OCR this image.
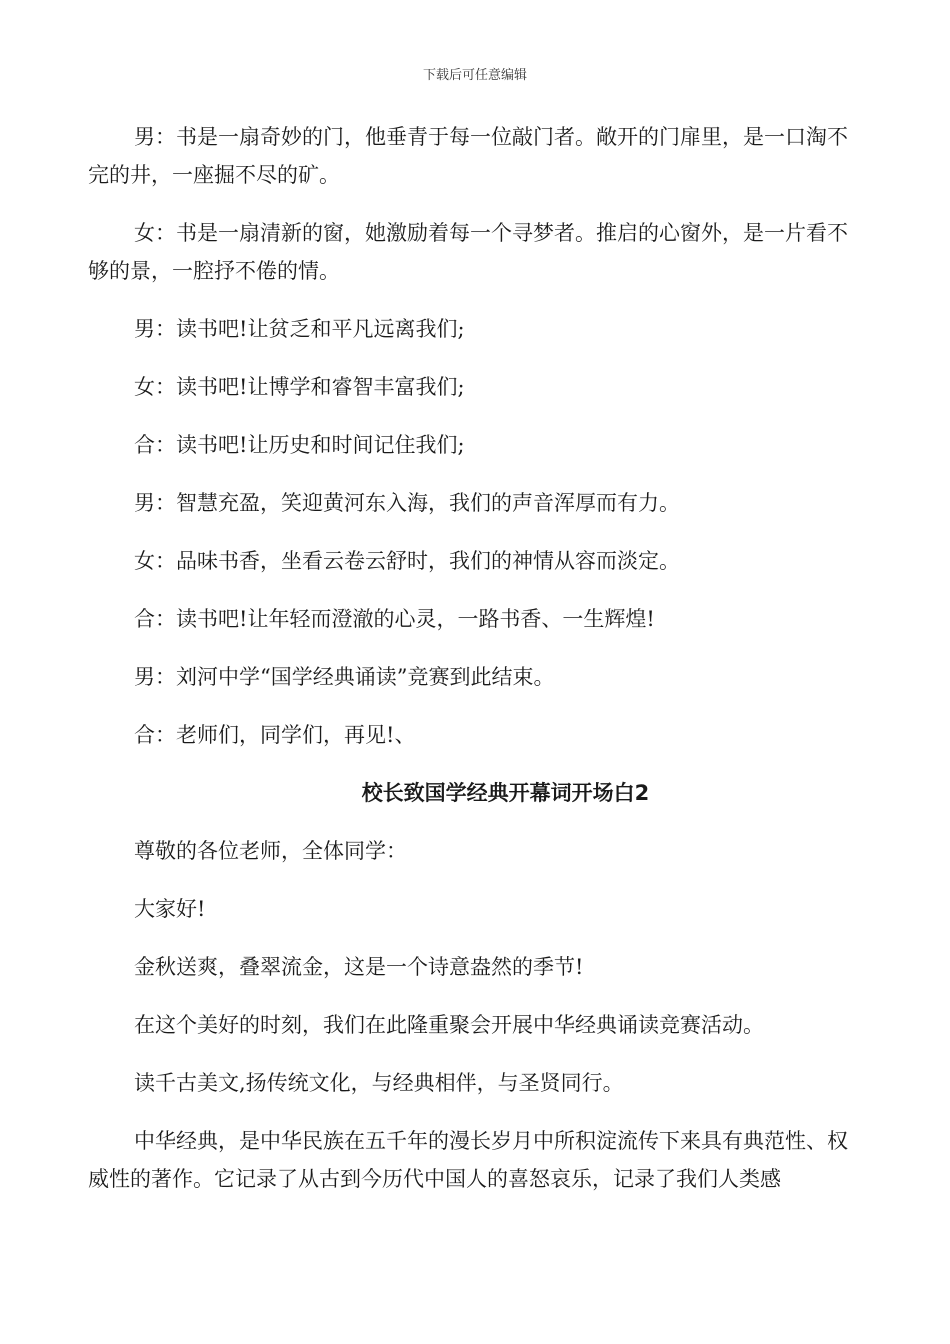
下载后可任意编辑

男：书是一扇奇妙的门，他垂青于每一位敲门者。敞开的门扉里，是一口淘不完的井，一座掘不尽的矿。

女：书是一扇清新的窗，她激励着每一个寻梦者。推启的心窗外，是一片看不够的景，一腔抒不倦的情。

男：读书吧!让贫乏和平凡远离我们;

女：读书吧!让博学和睿智丰富我们;

合：读书吧!让历史和时间记住我们;

男：智慧充盈，笑迎黄河东入海，我们的声音浑厚而有力。

女：品味书香，坐看云卷云舒时，我们的神情从容而淡定。

合：读书吧!让年轻而澄澈的心灵，一路书香、一生辉煌!

男：刘河中学“国学经典诵读”竞赛到此结束。

合：老师们，同学们，再见!、

校长致国学经典开幕词开场白2

尊敬的各位老师，全体同学：

大家好!

金秋送爽，叠翠流金，这是一个诗意盎然的季节!

在这个美好的时刻，我们在此隆重聚会开展中华经典诵读竞赛活动。

读千古美文,扬传统文化，与经典相伴，与圣贤同行。

中华经典，是中华民族在五千年的漫长岁月中所积淀流传下来具有典范性、权威性的著作。它记录了从古到今历代中国人的喜怒哀乐，记录了我们人类感
